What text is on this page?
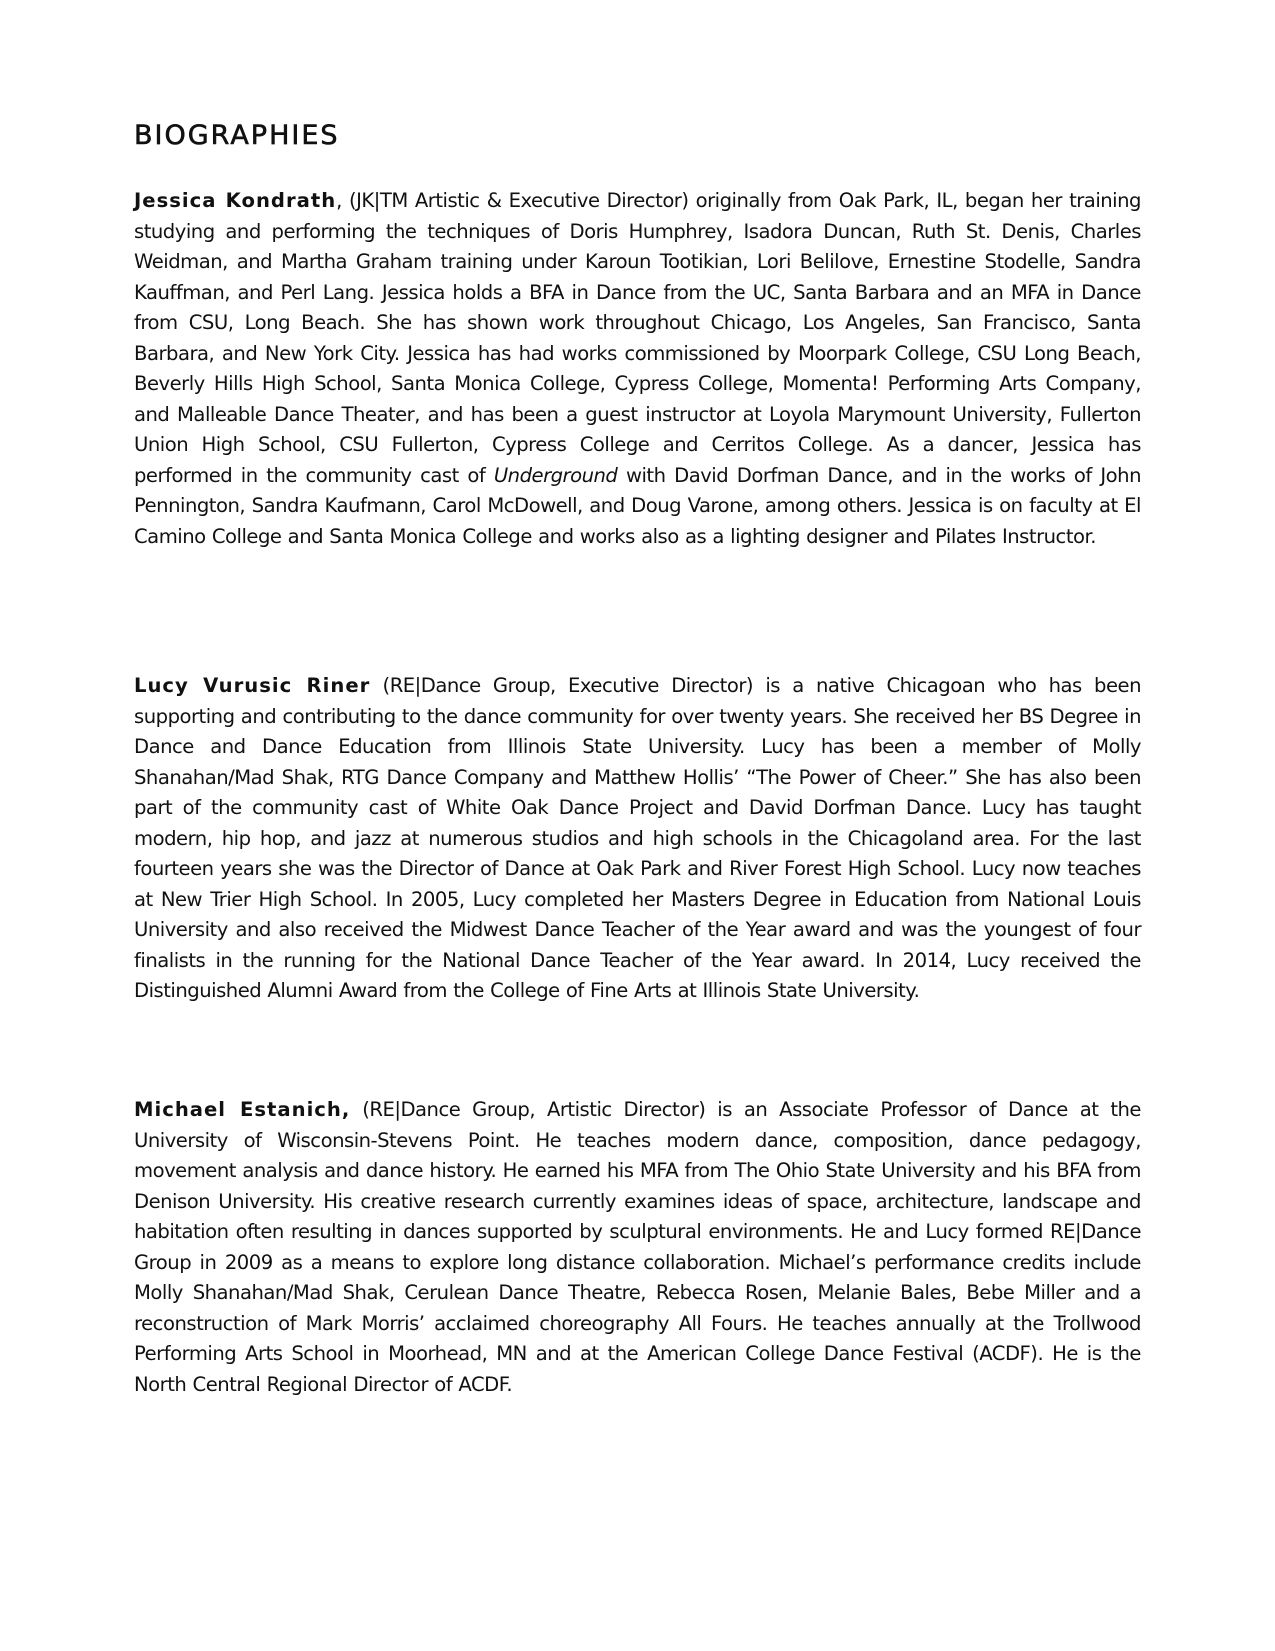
BIOGRAPHIES

Jessica Kondrath, (JK|TM Artistic & Executive Director) originally from Oak Park, IL, began her training studying and performing the techniques of Doris Humphrey, Isadora Duncan, Ruth St. Denis, Charles Weidman, and Martha Graham training under Karoun Tootikian, Lori Belilove, Ernestine Stodelle, Sandra Kauffman, and Perl Lang. Jessica holds a BFA in Dance from the UC, Santa Barbara and an MFA in Dance from CSU, Long Beach. She has shown work throughout Chicago, Los Angeles, San Francisco, Santa Barbara, and New York City. Jessica has had works commissioned by Moorpark College, CSU Long Beach, Beverly Hills High School, Santa Monica College, Cypress College, Momenta! Performing Arts Company, and Malleable Dance Theater, and has been a guest instructor at Loyola Marymount University, Fullerton Union High School, CSU Fullerton, Cypress College and Cerritos College. As a dancer, Jessica has performed in the community cast of Underground with David Dorfman Dance, and in the works of John Pennington, Sandra Kaufmann, Carol McDowell, and Doug Varone, among others. Jessica is on faculty at El Camino College and Santa Monica College and works also as a lighting designer and Pilates Instructor.

Lucy Vurusic Riner (RE|Dance Group, Executive Director) is a native Chicagoan who has been supporting and contributing to the dance community for over twenty years. She received her BS Degree in Dance and Dance Education from Illinois State University. Lucy has been a member of Molly Shanahan/Mad Shak, RTG Dance Company and Matthew Hollis’ “The Power of Cheer.” She has also been part of the community cast of White Oak Dance Project and David Dorfman Dance. Lucy has taught modern, hip hop, and jazz at numerous studios and high schools in the Chicagoland area. For the last fourteen years she was the Director of Dance at Oak Park and River Forest High School. Lucy now teaches at New Trier High School. In 2005, Lucy completed her Masters Degree in Education from National Louis University and also received the Midwest Dance Teacher of the Year award and was the youngest of four finalists in the running for the National Dance Teacher of the Year award. In 2014, Lucy received the Distinguished Alumni Award from the College of Fine Arts at Illinois State University.

Michael Estanich, (RE|Dance Group, Artistic Director) is an Associate Professor of Dance at the University of Wisconsin-Stevens Point. He teaches modern dance, composition, dance pedagogy, movement analysis and dance history. He earned his MFA from The Ohio State University and his BFA from Denison University. His creative research currently examines ideas of space, architecture, landscape and habitation often resulting in dances supported by sculptural environments. He and Lucy formed RE|Dance Group in 2009 as a means to explore long distance collaboration. Michael’s performance credits include Molly Shanahan/Mad Shak, Cerulean Dance Theatre, Rebecca Rosen, Melanie Bales, Bebe Miller and a reconstruction of Mark Morris’ acclaimed choreography All Fours. He teaches annually at the Trollwood Performing Arts School in Moorhead, MN and at the American College Dance Festival (ACDF). He is the North Central Regional Director of ACDF.
